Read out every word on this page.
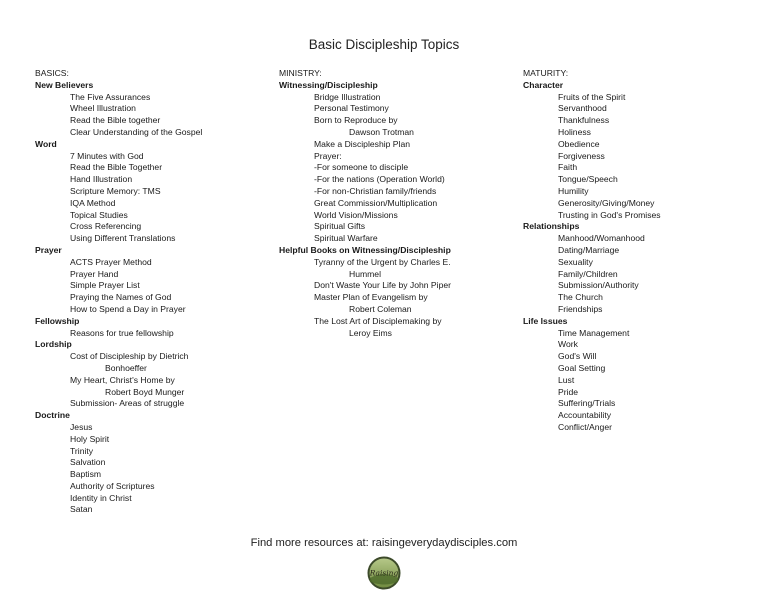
Basic Discipleship Topics
BASICS:
New Believers
The Five Assurances
Wheel Illustration
Read the Bible together
Clear Understanding of the Gospel
Word
7 Minutes with God
Read the Bible Together
Hand Illustration
Scripture Memory: TMS
IQA Method
Topical Studies
Cross Referencing
Using Different Translations
Prayer
ACTS Prayer Method
Prayer Hand
Simple Prayer List
Praying the Names of God
How to Spend a Day in Prayer
Fellowship
Reasons for true fellowship
Lordship
Cost of Discipleship by Dietrich
Bonhoeffer
My Heart, Christ's Home by
Robert Boyd Munger
Submission- Areas of struggle
Doctrine
Jesus
Holy Spirit
Trinity
Salvation
Baptism
Authority of Scriptures
Identity in Christ
Satan
MINISTRY:
Witnessing/Discipleship
Bridge Illustration
Personal Testimony
Born to Reproduce by
Dawson Trotman
Make a Discipleship Plan
Prayer:
-For someone to disciple
-For the nations (Operation World)
-For non-Christian family/friends
Great Commission/Multiplication
World Vision/Missions
Spiritual Gifts
Spiritual Warfare
Helpful Books on Witnessing/Discipleship
Tyranny of the Urgent by Charles E.
Hummel
Don't Waste Your Life by John Piper
Master Plan of Evangelism by
Robert Coleman
The Lost Art of Disciplemaking by
Leroy Eims
MATURITY:
Character
Fruits of the Spirit
Servanthood
Thankfulness
Holiness
Obedience
Forgiveness
Faith
Tongue/Speech
Humility
Generosity/Giving/Money
Trusting in God's Promises
Relationships
Manhood/Womanhood
Dating/Marriage
Sexuality
Family/Children
Submission/Authority
The Church
Friendships
Life Issues
Time Management
Work
God's Will
Goal Setting
Lust
Pride
Suffering/Trials
Accountability
Conflict/Anger
Find more resources at: raisingeverydaydisciples.com
Raising
